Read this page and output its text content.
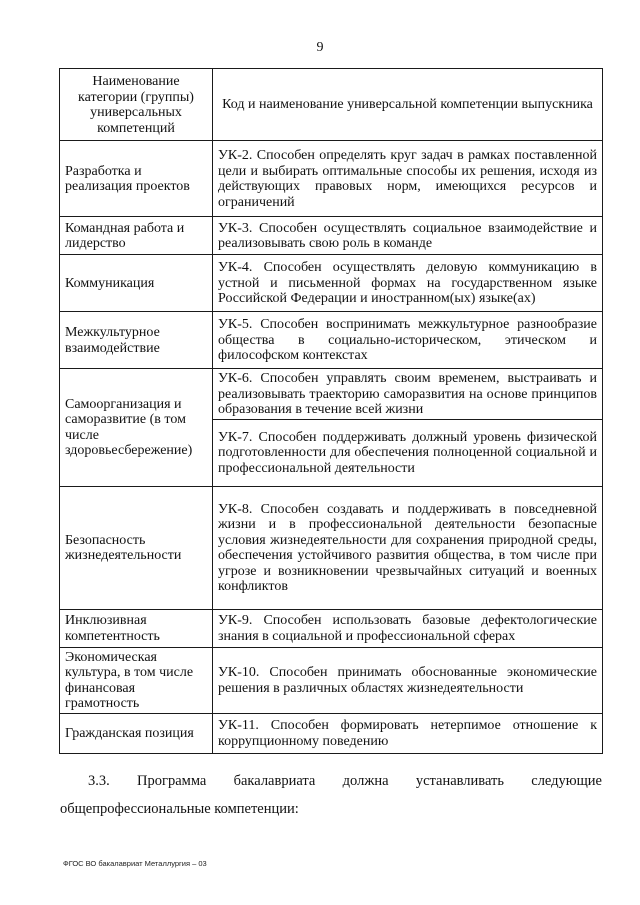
9
Наименование категории (группы) универсальных компетенций	Код и наименование универсальной компетенции выпускника
Разработка и реализация проектов	УК-2. Способен определять круг задач в рамках поставленной цели и выбирать оптимальные способы их решения, исходя из действующих правовых норм, имеющихся ресурсов и ограничений
Командная работа и лидерство	УК-3. Способен осуществлять социальное взаимодействие и реализовывать свою роль в команде
Коммуникация	УК-4. Способен осуществлять деловую коммуникацию в устной и письменной формах на государственном языке Российской Федерации и иностранном(ых) языке(ах)
Межкультурное взаимодействие	УК-5. Способен воспринимать межкультурное разнообразие общества в социально-историческом, этическом и философском контекстах
Самоорганизация и саморазвитие (в том числе здоровьесбережение)	УК-6. Способен управлять своим временем, выстраивать и реализовывать траекторию саморазвития на основе принципов образования в течение всей жизни
	УК-7. Способен поддерживать должный уровень физической подготовленности для обеспечения полноценной социальной и профессиональной деятельности
Безопасность жизнедеятельности	УК-8. Способен создавать и поддерживать в повседневной жизни и в профессиональной деятельности безопасные условия жизнедеятельности для сохранения природной среды, обеспечения устойчивого развития общества, в том числе при угрозе и возникновении чрезвычайных ситуаций и военных конфликтов
Инклюзивная компетентность	УК-9. Способен использовать базовые дефектологические знания в социальной и профессиональной сферах
Экономическая культура, в том числе финансовая грамотность	УК-10. Способен принимать обоснованные экономические решения в различных областях жизнедеятельности
Гражданская позиция	УК-11. Способен формировать нетерпимое отношение к коррупционному поведению
3.3. Программа бакалавриата должна устанавливать следующие
общепрофессиональные компетенции:
ФГОС ВО бакалавриат Металлургия – 03
